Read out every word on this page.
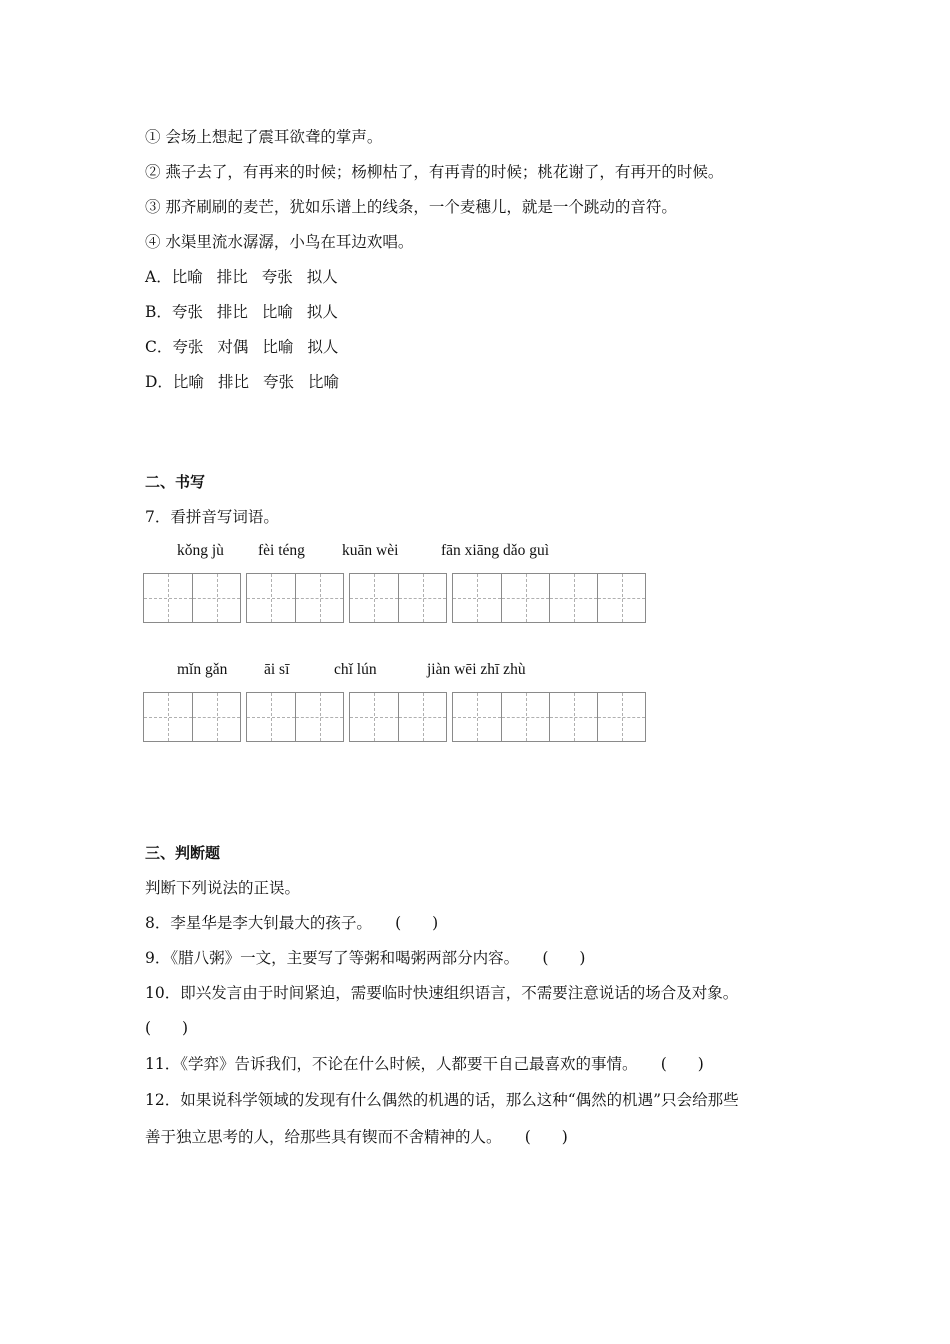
① 会场上想起了震耳欲聋的掌声。
② 燕子去了，有再来的时候；杨柳枯了，有再青的时候；桃花谢了，有再开的时候。
③ 那齐刷刷的麦芒，犹如乐谱上的线条，一个麦穗儿，就是一个跳动的音符。
④ 水渠里流水潺潺，小鸟在耳边欢唱。
A．比喻 排比 夸张 拟人
B．夸张 排比 比喻 拟人
C．夸张 对偶 比喻 拟人
D．比喻 排比 夸张 比喻
二、书写
7．看拼音写词语。
kǒng jù fèi téng kuān wèi	fān xiāng dǎo guì
mǐn gǎn āi sī	chǐ lún	jiàn wēi zhī zhù
三、判断题
判断下列说法的正误。
8．李星华是李大钊最大的孩子。　　(　　)
9．《腊八粥》一文，主要写了等粥和喝粥两部分内容。　　(　　)
10．即兴发言由于时间紧迫，需要临时快速组织语言，不需要注意说话的场合及对象。
(　　)
11．《学弈》告诉我们，不论在什么时候，人都要干自己最喜欢的事情。　　(　　)
12．如果说科学领域的发现有什么偶然的机遇的话，那么这种“偶然的机遇”只会给那些
善于独立思考的人，给那些具有锲而不舍精神的人。　　(　　)
